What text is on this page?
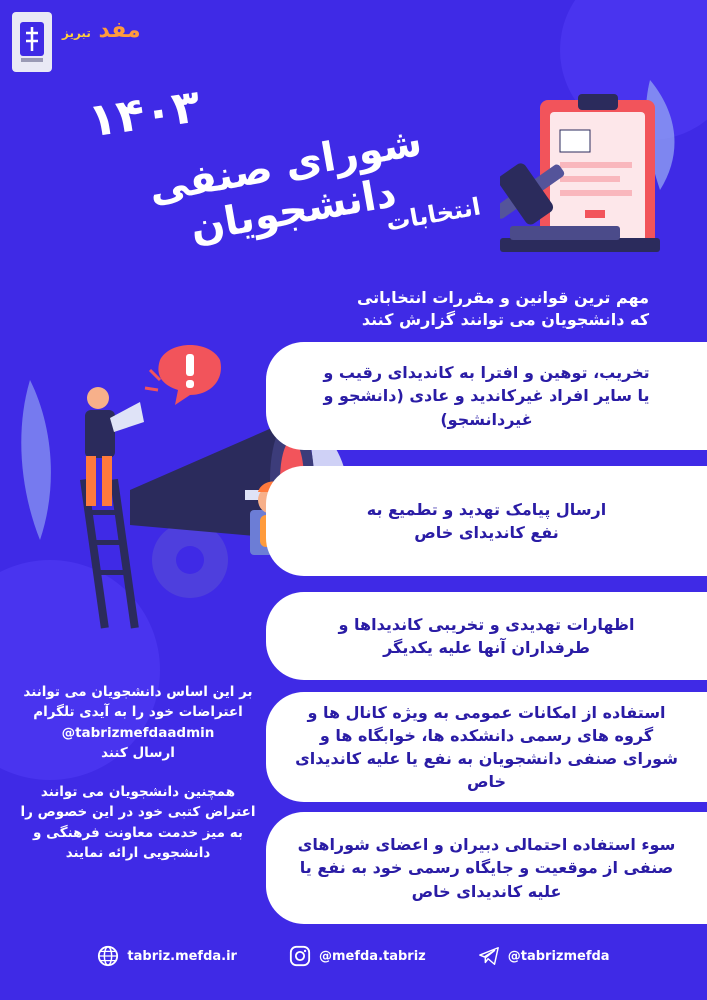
مفد تبریز
۱۴۰۳
شورای صنفی دانشجویان
انتخابات
مهم ترین قوانین و مقررات انتخاباتی
که دانشجویان می توانند گزارش کنند
تخریب، توهین و افترا به کاندیدای رقیب و یا سایر افراد غیرکاندید و عادی (دانشجو و غیردانشجو)
ارسال پیامک تهدید و تطمیع به نفع کاندیدای خاص
اظهارات تهدیدی و تخریبی کاندیداها و طرفداران آنها علیه یکدیگر
استفاده از امکانات عمومی به ویژه کانال ها و گروه های رسمی دانشکده ها، خوابگاه ها و شورای صنفی دانشجویان به نفع یا علیه کاندیدای خاص
سوء استفاده احتمالی دبیران و اعضای شوراهای صنفی از موقعیت و جایگاه رسمی خود به نفع یا علیه کاندیدای خاص
بر این اساس دانشجویان می توانند
اعتراضات خود را به آیدی تلگرام
@tabrizmefdaadmin
ارسال کنند
همچنین دانشجویان می توانند
اعتراض کتبی خود در این خصوص را
به میز خدمت معاونت فرهنگی و
دانشجویی ارائه نمایند
tabriz.mefda.ir	@mefda.tabriz	@tabrizmefda
